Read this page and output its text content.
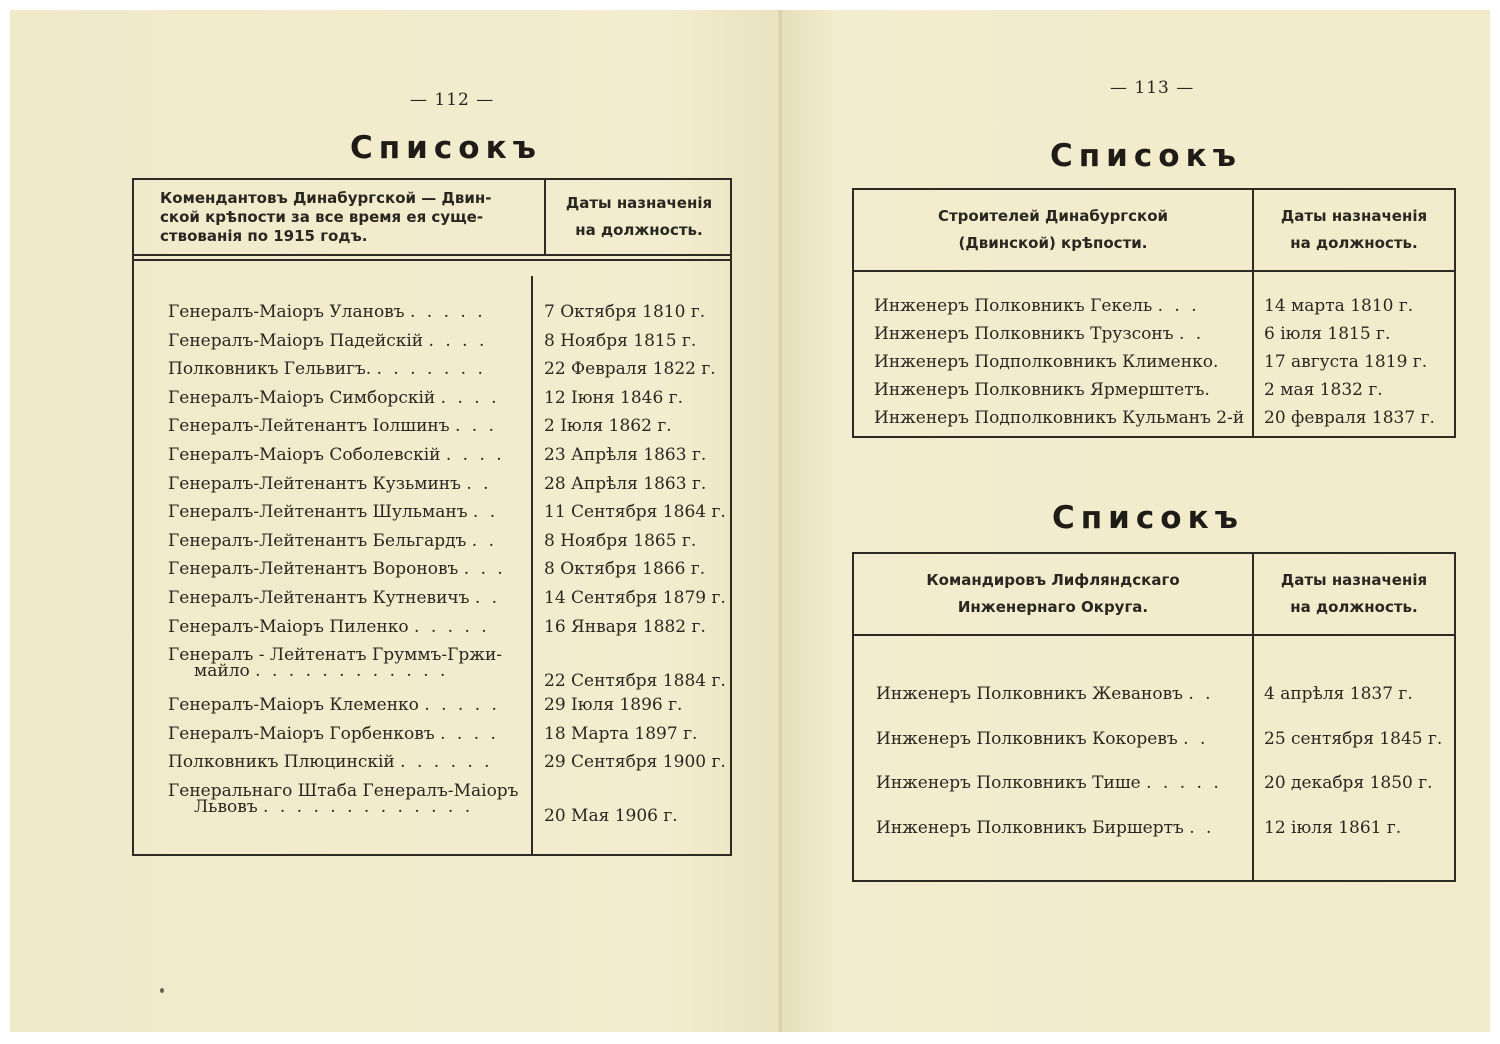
— 112 —
Списокъ
Комендантовъ Динабургской — Двин-
ской крѣпости за все время ея суще-
ствованія по 1915 годъ.
Даты назначенія
на должность.
Генералъ-Маіоръ Улановъ . . . . .	7 Октября 1810 г.
Генералъ-Маіоръ Падейскій . . . .	8 Ноября 1815 г.
Полковникъ Гельвигъ. . . . . . . .	22 Февраля 1822 г.
Генералъ-Маіоръ Симборскій . . . .	12 Іюня 1846 г.
Генералъ-Лейтенантъ Іолшинъ . . .	2 Іюля 1862 г.
Генералъ-Маіоръ Соболевскій . . . . 23 Апрѣля 1863 г.
Генералъ-Лейтенантъ Кузьминъ . .	28 Апрѣля 1863 г.
Генералъ-Лейтенантъ Шульманъ . .	11 Сентября 1864 г.
Генералъ-Лейтенантъ Бельгардъ . .	8 Ноября 1865 г.
Генералъ-Лейтенантъ Вороновъ . . . 8 Октября 1866 г.
Генералъ-Лейтенантъ Кутневичъ . .	14 Сентября 1879 г.
Генералъ-Маіоръ Пиленко . . . . .	16 Января 1882 г.
Генералъ - Лейтенатъ Груммъ-Гржи-
майло . . . . . . . . . . . .	22 Сентября 1884 г.
Генералъ-Маіоръ Клеменко . . . . .	29 Іюля 1896 г.
Генералъ-Маіоръ Горбенковъ . . . .	18 Марта 1897 г.
Полковникъ Плюцинскій . . . . . .	29 Сентября 1900 г.
Генеральнаго Штаба Генералъ-Маіоръ
Львовъ . . . . . . . . . . . . .	20 Мая 1906 г.
— 113 —
Списокъ
Строителей Динабургской
(Двинской) крѣпости.
Даты назначенія
на должность.
Инженеръ Полковникъ Гекель . . .	14 марта 1810 г.
Инженеръ Полковникъ Трузсонъ . .	6 іюля 1815 г.
Инженеръ Подполковникъ Клименко.	17 августа 1819 г.
Инженеръ Полковникъ Ярмерштетъ.	2 мая 1832 г.
Инженеръ Подполковникъ Кульманъ 2-й 20 февраля 1837 г.
Списокъ
Командировъ Лифляндскаго
Инженернаго Округа.
Даты назначенія
на должность.
Инженеръ Полковникъ Жевановъ . .	4 апрѣля 1837 г.
Инженеръ Полковникъ Кокоревъ . .	25 сентября 1845 г.
Инженеръ Полковникъ Тише . . . . . 20 декабря 1850 г.
Инженеръ Полковникъ Биршертъ . .	12 іюля 1861 г.
